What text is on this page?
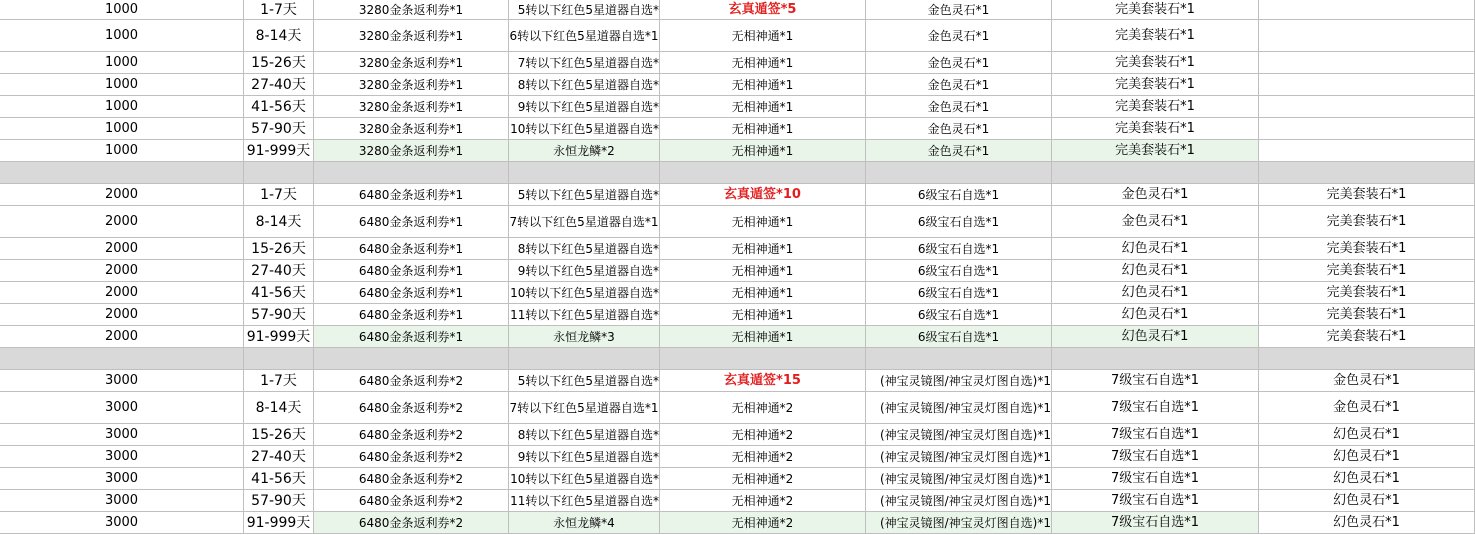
1000	1-7天	3280金条返利券*1	5转以下红色5星道器自选*	玄真遁签*5	金色灵石*1	完美套装石*1
1000	8-14天	3280金条返利券*1	6转以下红色5星道器自选*1	无相神通*1	金色灵石*1	完美套装石*1
1000	15-26天	3280金条返利券*1	7转以下红色5星道器自选*	无相神通*1	金色灵石*1	完美套装石*1
1000	27-40天	3280金条返利券*1	8转以下红色5星道器自选*	无相神通*1	金色灵石*1	完美套装石*1
1000	41-56天	3280金条返利券*1	9转以下红色5星道器自选*	无相神通*1	金色灵石*1	完美套装石*1
1000	57-90天	3280金条返利券*1	10转以下红色5星道器自选*	无相神通*1	金色灵石*1	完美套装石*1
1000	91-999天	3280金条返利券*1	永恒龙鳞*2	无相神通*1	金色灵石*1	完美套装石*1
2000	1-7天	6480金条返利券*1	5转以下红色5星道器自选*	玄真遁签*10	6级宝石自选*1	金色灵石*1	完美套装石*1
2000	8-14天	6480金条返利券*1	7转以下红色5星道器自选*1	无相神通*1	6级宝石自选*1	金色灵石*1	完美套装石*1
2000	15-26天	6480金条返利券*1	8转以下红色5星道器自选*	无相神通*1	6级宝石自选*1	幻色灵石*1	完美套装石*1
2000	27-40天	6480金条返利券*1	9转以下红色5星道器自选*	无相神通*1	6级宝石自选*1	幻色灵石*1	完美套装石*1
2000	41-56天	6480金条返利券*1	10转以下红色5星道器自选*	无相神通*1	6级宝石自选*1	幻色灵石*1	完美套装石*1
2000	57-90天	6480金条返利券*1	11转以下红色5星道器自选*	无相神通*1	6级宝石自选*1	幻色灵石*1	完美套装石*1
2000	91-999天	6480金条返利券*1	永恒龙鳞*3	无相神通*1	6级宝石自选*1	幻色灵石*1	完美套装石*1
3000	1-7天	6480金条返利券*2	5转以下红色5星道器自选*	玄真遁签*15	(神宝灵镜图/神宝灵灯图自选)*1	7级宝石自选*1	金色灵石*1
3000	8-14天	6480金条返利券*2	7转以下红色5星道器自选*1	无相神通*2	(神宝灵镜图/神宝灵灯图自选)*1	7级宝石自选*1	金色灵石*1
3000	15-26天	6480金条返利券*2	8转以下红色5星道器自选*	无相神通*2	(神宝灵镜图/神宝灵灯图自选)*1	7级宝石自选*1	幻色灵石*1
3000	27-40天	6480金条返利券*2	9转以下红色5星道器自选*	无相神通*2	(神宝灵镜图/神宝灵灯图自选)*1	7级宝石自选*1	幻色灵石*1
3000	41-56天	6480金条返利券*2	10转以下红色5星道器自选*	无相神通*2	(神宝灵镜图/神宝灵灯图自选)*1	7级宝石自选*1	幻色灵石*1
3000	57-90天	6480金条返利券*2	11转以下红色5星道器自选*	无相神通*2	(神宝灵镜图/神宝灵灯图自选)*1	7级宝石自选*1	幻色灵石*1
3000	91-999天	6480金条返利券*2	永恒龙鳞*4	无相神通*2	(神宝灵镜图/神宝灵灯图自选)*1	7级宝石自选*1	幻色灵石*1
